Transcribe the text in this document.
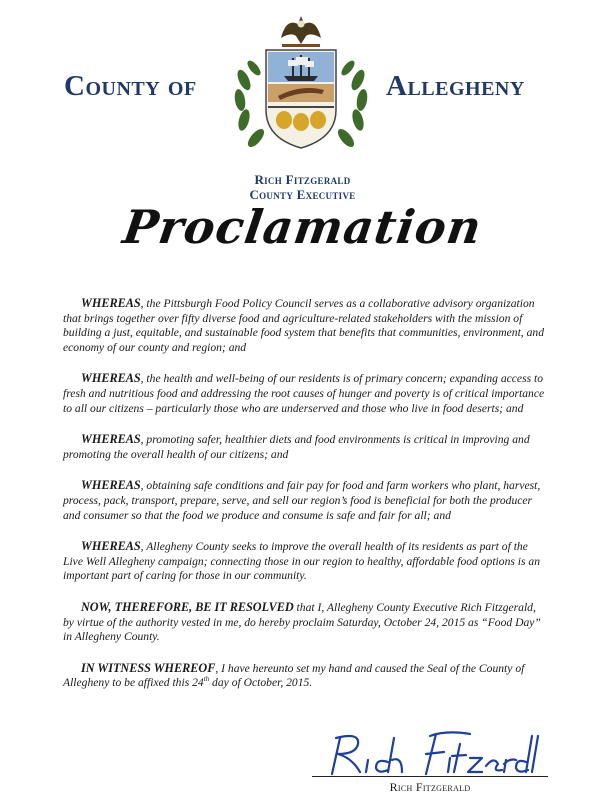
County of	Allegheny
Rich Fitzgerald
County Executive
Proclamation

WHEREAS, the Pittsburgh Food Policy Council serves as a collaborative advisory organization that brings together over fifty diverse food and agriculture-related stakeholders with the mission of building a just, equitable, and sustainable food system that benefits that communities, environment, and economy of our county and region; and

WHEREAS, the health and well-being of our residents is of primary concern; expanding access to fresh and nutritious food and addressing the root causes of hunger and poverty is of critical importance to all our citizens – particularly those who are underserved and those who live in food deserts; and

WHEREAS, promoting safer, healthier diets and food environments is critical in improving and promoting the overall health of our citizens; and

WHEREAS, obtaining safe conditions and fair pay for food and farm workers who plant, harvest, process, pack, transport, prepare, serve, and sell our region’s food is beneficial for both the producer and consumer so that the food we produce and consume is safe and fair for all; and

WHEREAS, Allegheny County seeks to improve the overall health of its residents as part of the Live Well Allegheny campaign; connecting those in our region to healthy, affordable food options is an important part of caring for those in our community.

NOW, THEREFORE, BE IT RESOLVED that I, Allegheny County Executive Rich Fitzgerald, by virtue of the authority vested in me, do hereby proclaim Saturday, October 24, 2015 as “Food Day” in Allegheny County.

IN WITNESS WHEREOF, I have hereunto set my hand and caused the Seal of the County of Allegheny to be affixed this 24th day of October, 2015.

Rich Fitzgerald
